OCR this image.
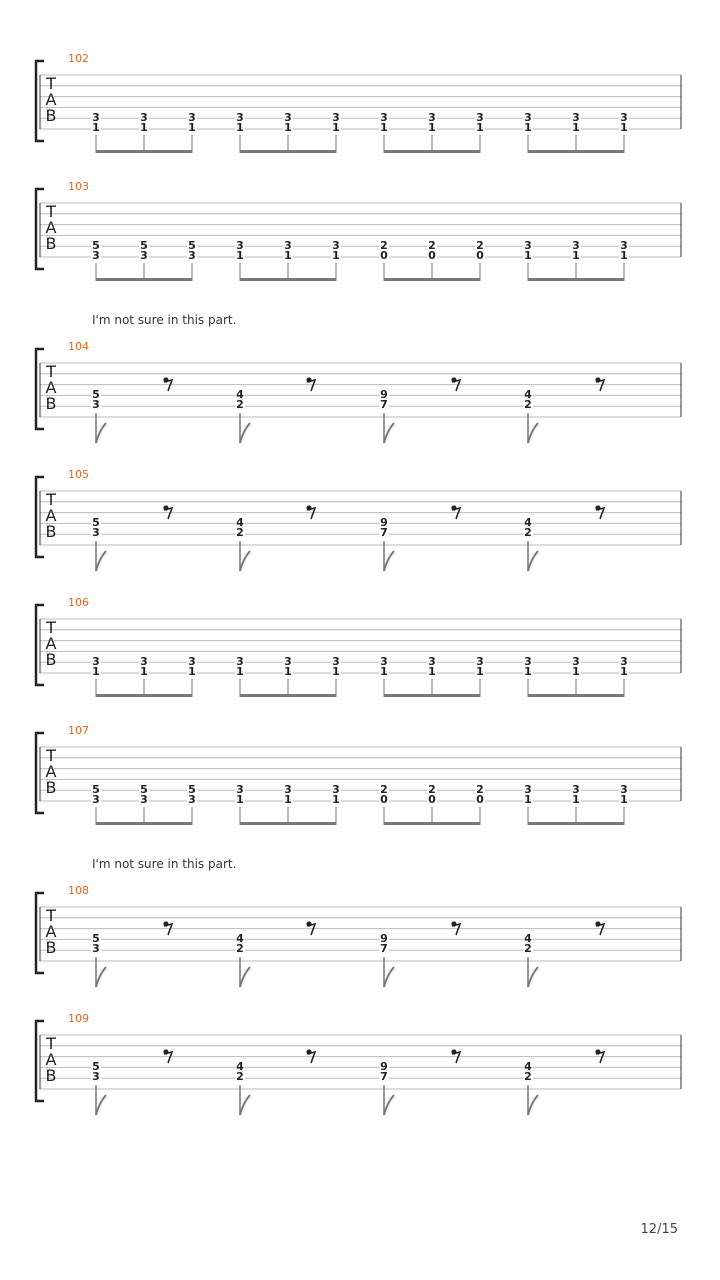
102
T
A
B	3
1
3
1
3
1
3
1
3
1
3
1
3
1
3
1
3
1
3
1
3
1
3
1
103
T
A
B	5
3
5
3
5
3
3
1
3
1
3
1
2
0
2
0
2
0
3
1
3
1
3
1
104
T
A
B	5
3
4
2
9
7
4
2
105
T
A
B	5
3
4
2
9
7
4
2
106
T
A
B	3
1
3
1
3
1
3
1
3
1
3
1
3
1
3
1
3
1
3
1
3
1
3
1
107
T
A
B	5
3
5
3
5
3
3
1
3
1
3
1
2
0
2
0
2
0
3
1
3
1
3
1
108
T
A
B	5
3
4
2
9
7
4
2
109
T
A
B	5
3
4
2
9
7
4
2
I'm not sure in this part.
I'm not sure in this part.
12/15
